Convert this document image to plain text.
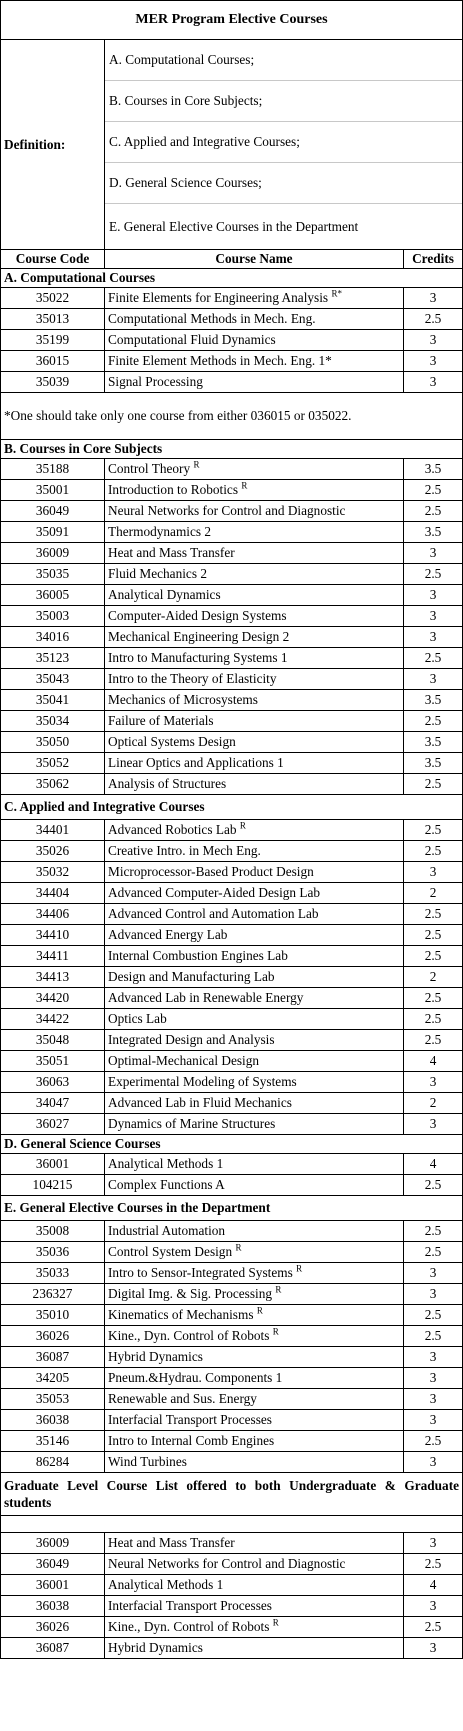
MER Program Elective Courses		
Definition:	A. Computational Courses;
B. Courses in Core Subjects;
C. Applied and Integrative Courses;
D. General Science Courses;
E. General Elective Courses in the Department	

Course Code	Course Name	Credits
A. Computational Courses		
35022	Finite Elements for Engineering Analysis $^{R*}$	3
35013	Computational Methods in Mech. Eng.	2.5
35199	Computational Fluid Dynamics	3
36015	Finite Element Methods in Mech. Eng. 1*	3
35039	Signal Processing	3
*One should take only one course from either 036015 or 035022.		
B. Courses in Core Subjects		
35188	Control Theory $^R$	3.5
35001	Introduction to Robotics $^R$	2.5
36049	Neural Networks for Control and Diagnostic	2.5
35091	Thermodynamics 2	3.5
36009	Heat and Mass Transfer	3
35035	Fluid Mechanics 2	2.5
36005	Analytical Dynamics	3
35003	Computer-Aided Design Systems	3
34016	Mechanical Engineering Design 2	3
35123	Intro to Manufacturing Systems 1	2.5
35043	Intro to the Theory of Elasticity	3
35041	Mechanics of Microsystems	3.5
35034	Failure of Materials	2.5
35050	Optical Systems Design	3.5
35052	Linear Optics and Applications 1	3.5
35062	Analysis of Structures	2.5
C. Applied and Integrative Courses		
34401	Advanced Robotics Lab $^R$	2.5
35026	Creative Intro. in Mech Eng.	2.5
35032	Microprocessor-Based Product Design	3
34404	Advanced Computer-Aided Design Lab	2
34406	Advanced Control and Automation Lab	2.5
34410	Advanced Energy Lab	2.5
34411	Internal Combustion Engines Lab	2.5
34413	Design and Manufacturing Lab	2
34420	Advanced Lab in Renewable Energy	2.5
34422	Optics Lab	2.5
35048	Integrated Design and Analysis	2.5
35051	Optimal-Mechanical Design	4
36063	Experimental Modeling of Systems	3
34047	Advanced Lab in Fluid Mechanics	2
36027	Dynamics of Marine Structures	3
D. General Science Courses		
36001	Analytical Methods 1	4
104215	Complex Functions A	2.5
E. General Elective Courses in the Department		
35008	Industrial Automation	2.5
35036	Control System Design $^R$	2.5
35033	Intro to Sensor-Integrated Systems $^R$	3
236327	Digital Img. & Sig. Processing $^R$	3
35010	Kinematics of Mechanisms $^R$	2.5
36026	Kine., Dyn. Control of Robots $^R$	2.5
36087	Hybrid Dynamics	3
34205	Pneum.&Hydrau. Components 1	3
35053	Renewable and Sus. Energy	3
36038	Interfacial Transport Processes	3
35146	Intro to Internal Comb Engines	2.5
86284	Wind Turbines	3
Graduate Level Course List offered to both Undergraduate & Graduate students		

36009	Heat and Mass Transfer	3
36049	Neural Networks for Control and Diagnostic	2.5
36001	Analytical Methods 1	4
36038	Interfacial Transport Processes	3
36026	Kine., Dyn. Control of Robots $^R$	2.5
36087	Hybrid Dynamics	3
